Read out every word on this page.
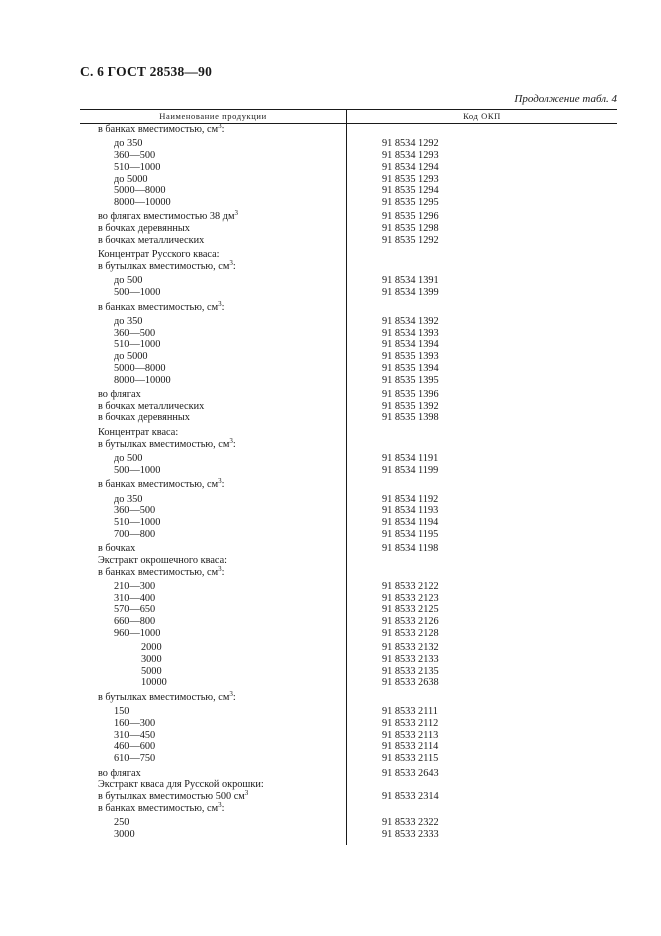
С. 6 ГОСТ 28538—90
Продолжение табл. 4
Наименование продукции	Код ОКП
в банках вместимостью, $см^3$:
до 350
360—500
510—1000
до 5000
5000—8000
8000—10000
во флягах вместимостью 38 $дм^3$
в бочках деревянных
в бочках металлических
Концентрат Русского кваса:
в бутылках вместимостью, $см^3$:
до 500
500—1000
в банках вместимостью, $см^3$:
до 350
360—500
510—1000
до 5000
5000—8000
8000—10000
во флягах
в бочках металлических
в бочках деревянных
Концентрат кваса:
в бутылках вместимостью, $см^3$:
до 500
500—1000
в банках вместимостью, $см^3$:
до 350
360—500
510—1000
700—800
в бочках
Экстракт окрошечного кваса:
в банках вместимостью, $см^3$:
210—300
310—400
570—650
660—800
960—1000
2000
3000
5000
10000
в бутылках вместимостью, $см^3$:
150
160—300
310—450
460—600
610—750
во флягах
Экстракт кваса для Русской окрошки:
в бутылках вместимостью 500 $см^3$
в банках вместимостью, $см^3$:
250
3000
91 8534 1292
91 8534 1293
91 8534 1294
91 8535 1293
91 8535 1294
91 8535 1295
91 8535 1296
91 8535 1298
91 8535 1292
91 8534 1391
91 8534 1399
91 8534 1392
91 8534 1393
91 8534 1394
91 8535 1393
91 8535 1394
91 8535 1395
91 8535 1396
91 8535 1392
91 8535 1398
91 8534 1191
91 8534 1199
91 8534 1192
91 8534 1193
91 8534 1194
91 8534 1195
91 8534 1198
91 8533 2122
91 8533 2123
91 8533 2125
91 8533 2126
91 8533 2128
91 8533 2132
91 8533 2133
91 8533 2135
91 8533 2638
91 8533 2111
91 8533 2112
91 8533 2113
91 8533 2114
91 8533 2115
91 8533 2643
91 8533 2314
91 8533 2322
91 8533 2333
